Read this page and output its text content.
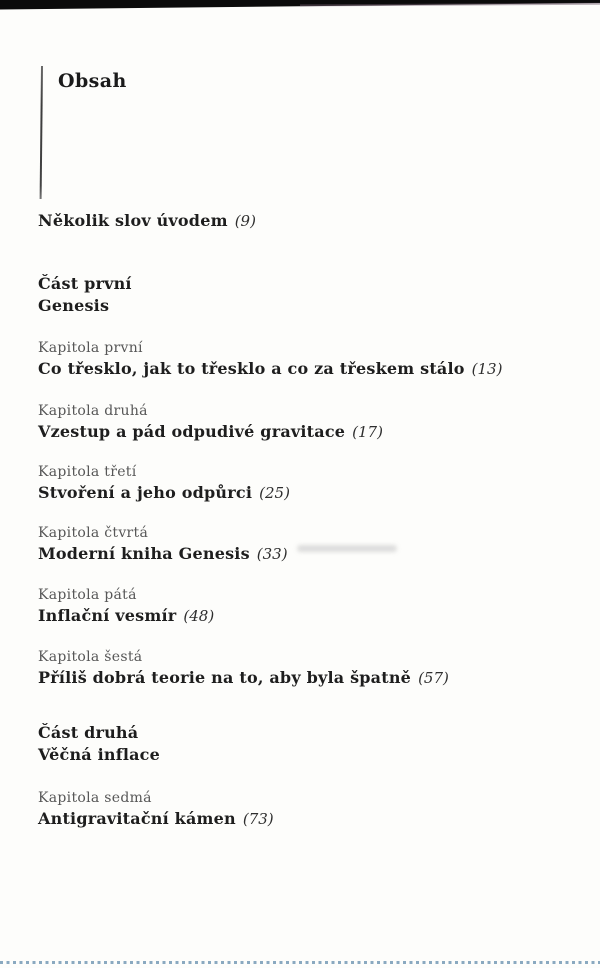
Obsah
Několik slov úvodem (9)
Část první
Genesis
Kapitola první
Co třesklo, jak to třesklo a co za třeskem stálo (13)
Kapitola druhá
Vzestup a pád odpudivé gravitace (17)
Kapitola třetí
Stvoření a jeho odpůrci (25)
Kapitola čtvrtá
Moderní kniha Genesis (33)
Kapitola pátá
Inflační vesmír (48)
Kapitola šestá
Příliš dobrá teorie na to, aby byla špatně (57)
Část druhá
Věčná inflace
Kapitola sedmá
Antigravitační kámen (73)
